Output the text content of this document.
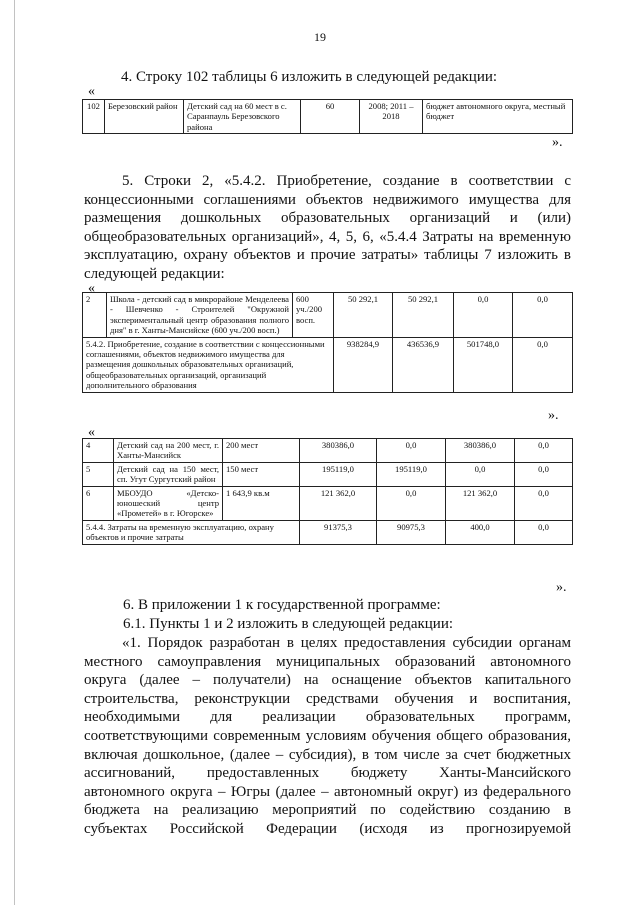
19
4. Строку 102 таблицы 6 изложить в следующей редакции:
«
102	Березовский район	Детский сад на 60 мест в с. Саранпауль Березовского района	60	2008; 2011 – 2018	бюджет автономного округа, местный бюджет
».
5. Строки 2, «5.4.2. Приобретение, создание в соответствии с
концессионными соглашениями объектов недвижимого имущества для
размещения дошкольных образовательных организаций и (или)
общеобразовательных организаций», 4, 5, 6, «5.4.4 Затраты на временную
эксплуатацию, охрану объектов и прочие затраты» таблицы 7 изложить в
следующей редакции:
«
2	Школа - детский сад в микрорайоне Менделеева - Шевченко - Строителей "Окружной экспериментальный центр образования полного дня" в г. Ханты-Мансийске (600 уч./200 восп.)	600 уч./200 восп.	50 292,1	50 292,1	0,0	0,0
5.4.2. Приобретение, создание в соответствии с концессионными соглашениями, объектов недвижимого имущества для размещения дошкольных образовательных организаций, общеобразовательных организаций, организаций дополнительного образования			938284,9	436536,9	501748,0	0,0
».
«
4	Детский сад на 200 мест, г. Ханты-Мансийск	200 мест	380386,0	0,0	380386,0	0,0
5	Детский сад на 150 мест, сп. Угут Сургутский район	150 мест	195119,0	195119,0	0,0	0,0
6	МБОУДО «Детско-юношеский центр «Прометей» в г. Югорске»	1 643,9 кв.м	121 362,0	0,0	121 362,0	0,0
5.4.4. Затраты на временную эксплуатацию, охрану объектов и прочие затраты			91375,3	90975,3	400,0	0,0
».
6. В приложении 1 к государственной программе:
6.1. Пункты 1 и 2 изложить в следующей редакции:
«1. Порядок разработан в целях предоставления субсидии органам
местного самоуправления муниципальных образований автономного
округа (далее – получатели) на оснащение объектов капитального
строительства, реконструкции средствами обучения и воспитания,
необходимыми для реализации образовательных программ,
соответствующими современным условиям обучения общего образования,
включая дошкольное, (далее – субсидия), в том числе за счет бюджетных
ассигнований, предоставленных бюджету Ханты-Мансийского
автономного округа – Югры (далее – автономный округ) из федерального
бюджета на реализацию мероприятий по содействию созданию в
субъектах Российской Федерации (исходя из прогнозируемой
